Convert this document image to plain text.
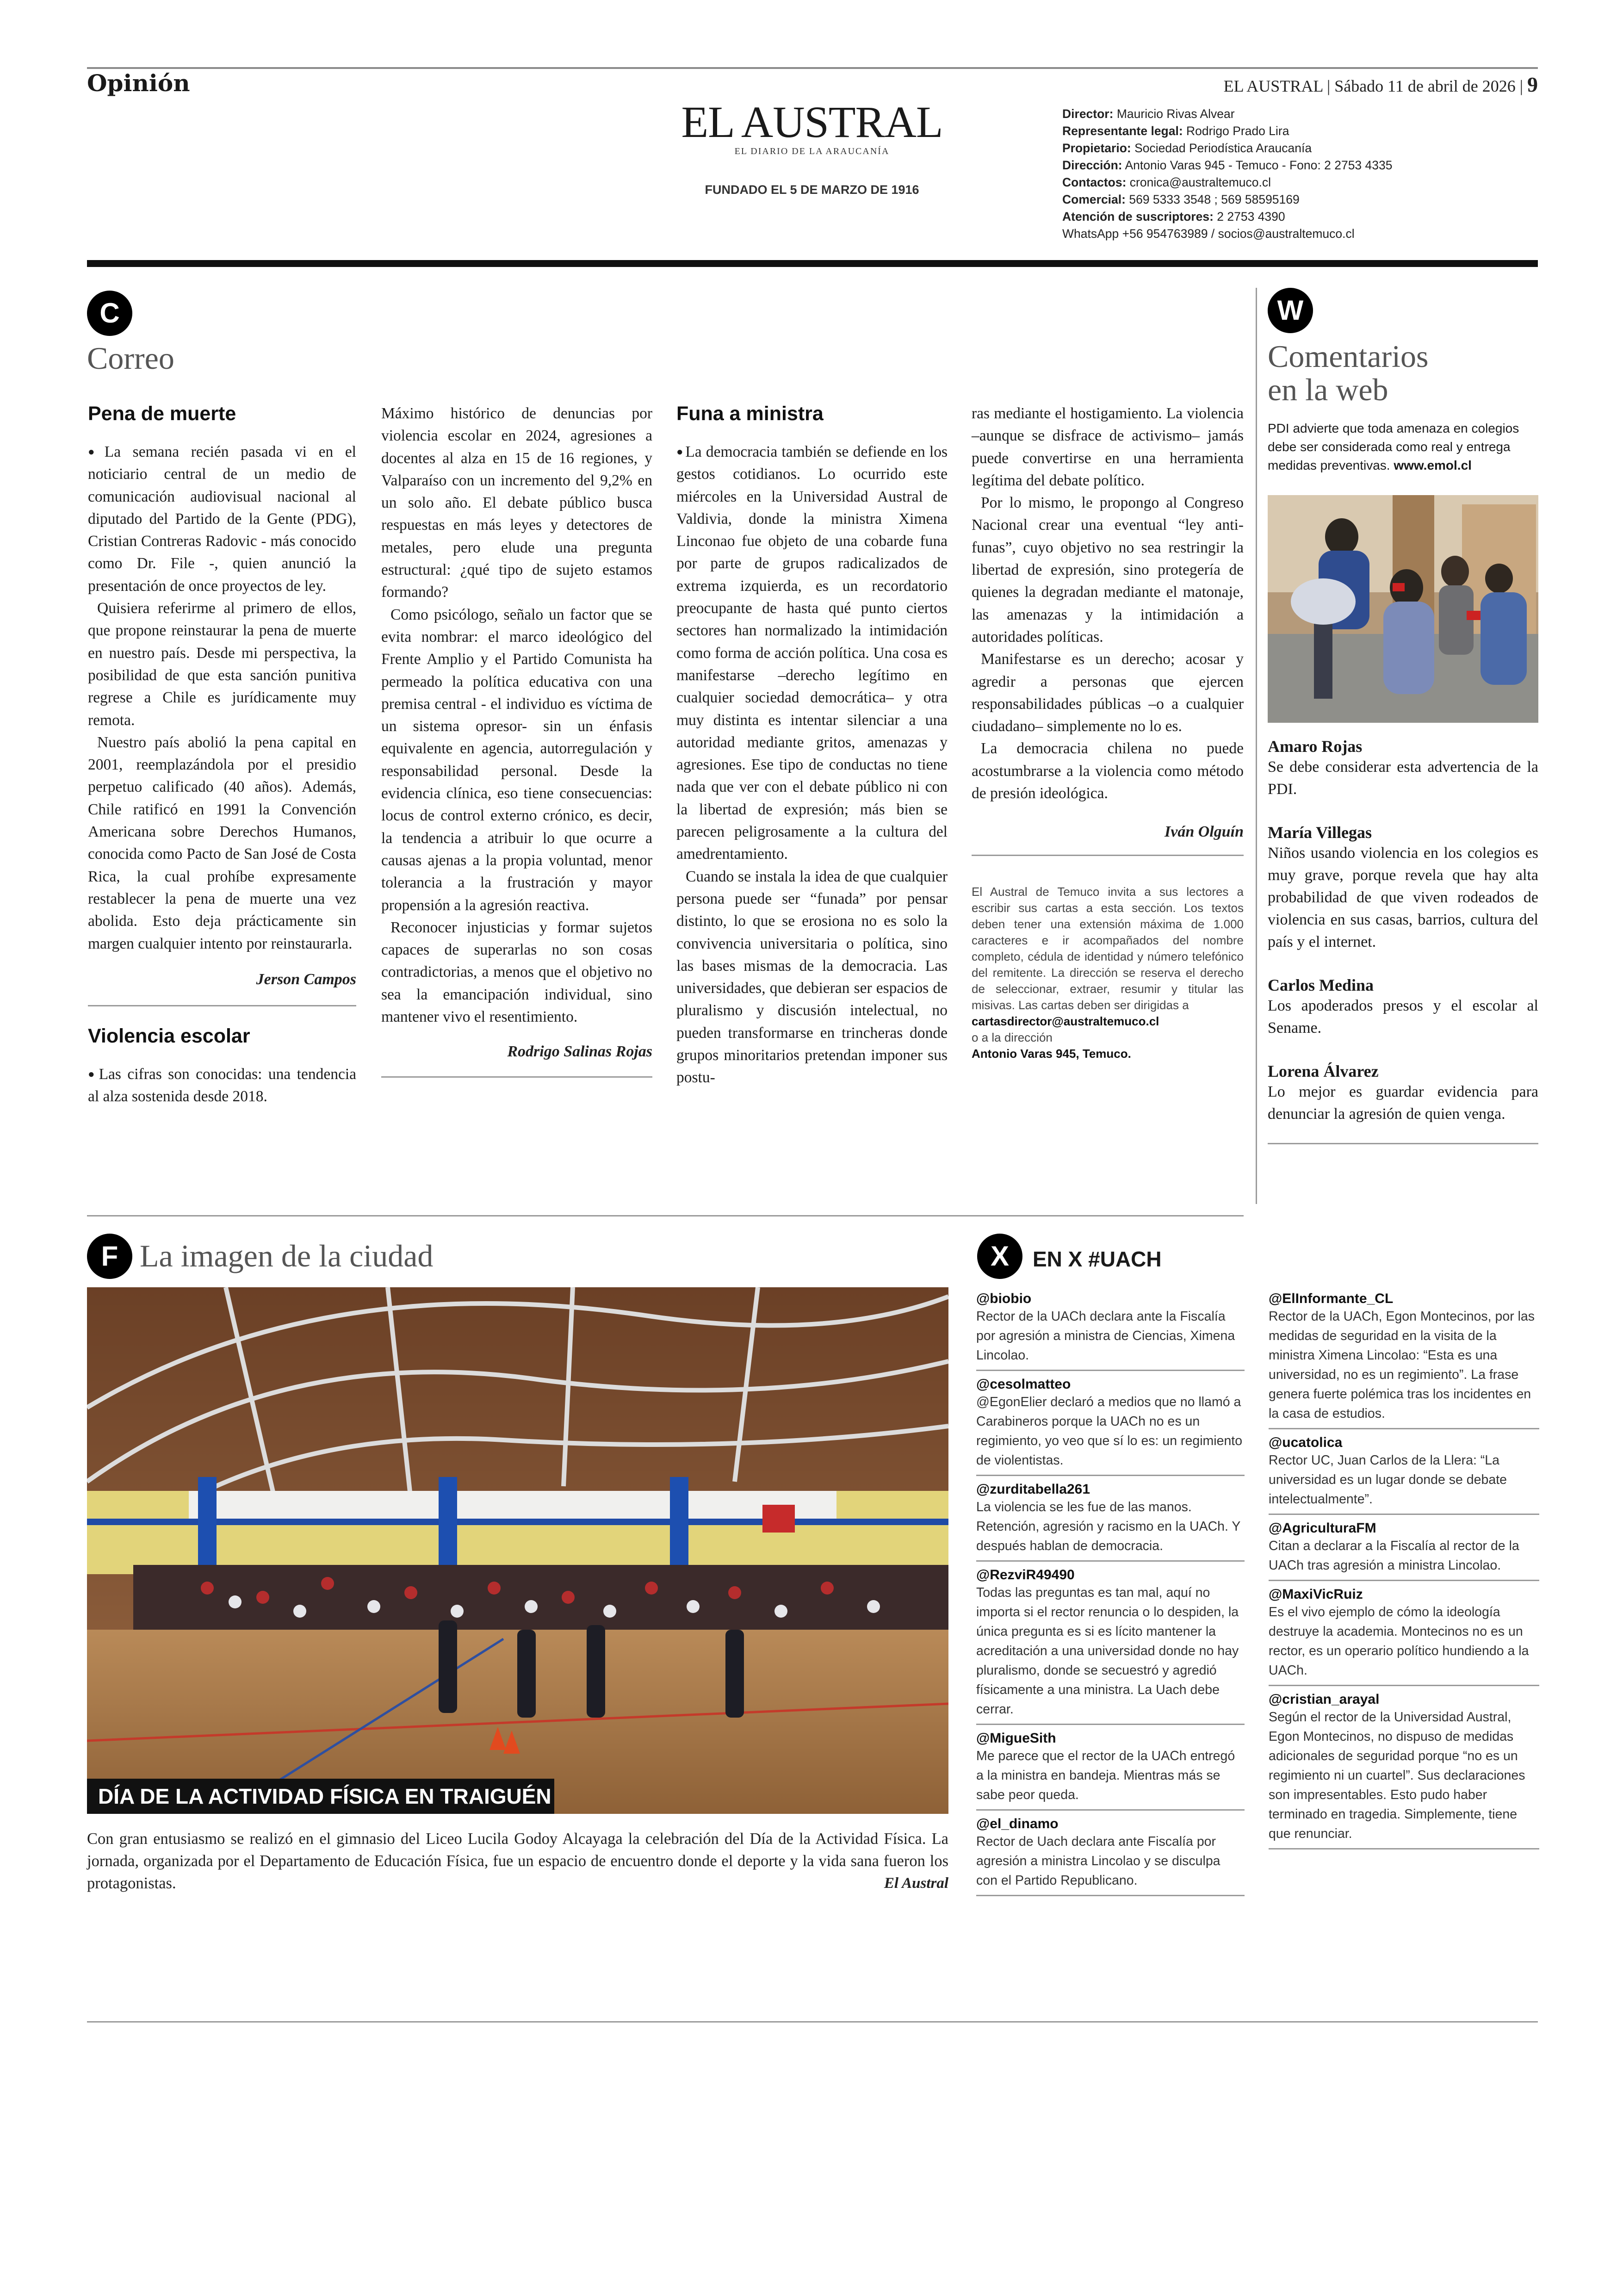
Opinión	EL AUSTRAL | Sábado 11 de abril de 2026 | 9
EL AUSTRAL
EL DIARIO DE LA ARAUCANÍA
FUNDADO EL 5 DE MARZO DE 1916
Director: Mauricio Rivas Alvear
Representante legal: Rodrigo Prado Lira
Propietario: Sociedad Periodística Araucanía
Dirección: Antonio Varas 945 - Temuco - Fono: 2 2753 4335
Contactos: cronica@australtemuco.cl
Comercial: 569 5333 3548 ; 569 58595169
Atención de suscriptores: 2 2753 4390
WhatsApp +56 954763989 / socios@australtemuco.cl
C
Correo
Pena de muerte

● La semana recién pasada vi en el noticiario central de un medio de comunicación audiovisual nacional al diputado del Partido de la Gente (PDG), Cristian Contreras Radovic - más conocido como Dr. File -, quien anunció la presentación de once proyectos de ley.

Quisiera referirme al primero de ellos, que propone reinstaurar la pena de muerte en nuestro país. Desde mi perspectiva, la posibilidad de que esta sanción punitiva regrese a Chile es jurídicamente muy remota.

Nuestro país abolió la pena capital en 2001, reemplazándola por el presidio perpetuo calificado (40 años). Además, Chile ratificó en 1991 la Convención Americana sobre Derechos Humanos, conocida como Pacto de San José de Costa Rica, la cual prohíbe expresamente restablecer la pena de muerte una vez abolida. Esto deja prácticamente sin margen cualquier intento por reinstaurarla.

Jerson Campos
Violencia escolar

● Las cifras son conocidas: una tendencia al alza sostenida desde 2018.

Máximo histórico de denuncias por violencia escolar en 2024, agresiones a docentes al alza en 15 de 16 regiones, y Valparaíso con un incremento del 9,2% en un solo año. El debate público busca respuestas en más leyes y detectores de metales, pero elude una pregunta estructural: ¿qué tipo de sujeto estamos formando?

Como psicólogo, señalo un factor que se evita nombrar: el marco ideológico del Frente Amplio y el Partido Comunista ha permeado la política educativa con una premisa central - el individuo es víctima de un sistema opresor- sin un énfasis equivalente en agencia, autorregulación y responsabilidad personal. Desde la evidencia clínica, eso tiene consecuencias: locus de control externo crónico, es decir, la tendencia a atribuir lo que ocurre a causas ajenas a la propia voluntad, menor tolerancia a la frustración y mayor propensión a la agresión reactiva.

Reconocer injusticias y formar sujetos capaces de superarlas no son cosas contradictorias, a menos que el objetivo no sea la emancipación individual, sino mantener vivo el resentimiento.

Rodrigo Salinas Rojas
Funa a ministra

● La democracia también se defiende en los gestos cotidianos. Lo ocurrido este miércoles en la Universidad Austral de Valdivia, donde la ministra Ximena Linconao fue objeto de una cobarde funa por parte de grupos radicalizados de extrema izquierda, es un recordatorio preocupante de hasta qué punto ciertos sectores han normalizado la intimidación como forma de acción política. Una cosa es manifestarse –derecho legítimo en cualquier sociedad democrática– y otra muy distinta es intentar silenciar a una autoridad mediante gritos, amenazas y agresiones. Ese tipo de conductas no tiene nada que ver con el debate público ni con la libertad de expresión; más bien se parecen peligrosamente a la cultura del amedrentamiento.

Cuando se instala la idea de que cualquier persona puede ser “funada” por pensar distinto, lo que se erosiona no es solo la convivencia universitaria o política, sino las bases mismas de la democracia. Las universidades, que debieran ser espacios de pluralismo y discusión intelectual, no pueden transformarse en trincheras donde grupos minoritarios pretendan imponer sus postu-

ras mediante el hostigamiento. La violencia –aunque se disfrace de activismo– jamás puede convertirse en una herramienta legítima del debate político.

Por lo mismo, le propongo al Congreso Nacional crear una eventual “ley anti-funas”, cuyo objetivo no sea restringir la libertad de expresión, sino protegería de quienes la degradan mediante el matonaje, las amenazas y la intimidación a autoridades políticas.

Manifestarse es un derecho; acosar y agredir a personas que ejercen responsabilidades públicas –o a cualquier ciudadano– simplemente no lo es.

La democracia chilena no puede acostumbrarse a la violencia como método de presión ideológica.

Iván Olguín
El Austral de Temuco invita a sus lectores a escribir sus cartas a esta sección. Los textos deben tener una extensión máxima de 1.000 caracteres e ir acompañados del nombre completo, cédula de identidad y número telefónico del remitente. La dirección se reserva el derecho de seleccionar, extraer, resumir y titular las misivas. Las cartas deben ser dirigidas a
cartasdirector@australtemuco.cl
o a la dirección
Antonio Varas 945, Temuco.
W
Comentarios
en la web
PDI advierte que toda amenaza en colegios debe ser considerada como real y entrega medidas preventivas. www.emol.cl
Amaro Rojas
Se debe considerar esta advertencia de la PDI.
María Villegas
Niños usando violencia en los colegios es muy grave, porque revela que hay alta probabilidad de que viven rodeados de violencia en sus casas, barrios, cultura del país y el internet.
Carlos Medina
Los apoderados presos y el escolar al Sename.
Lorena Álvarez
Lo mejor es guardar evidencia para denunciar la agresión de quien venga.
F La imagen de la ciudad
DÍA DE LA ACTIVIDAD FÍSICA EN TRAIGUÉN
Con gran entusiasmo se realizó en el gimnasio del Liceo Lucila Godoy Alcayaga la celebración del Día de la Actividad Física. La jornada, organizada por el Departamento de Educación Física, fue un espacio de encuentro donde el deporte y la vida sana fueron los protagonistas.	El Austral
X	EN X #UACH
@biobio
Rector de la UACh declara ante la Fiscalía por agresión a ministra de Ciencias, Ximena Lincolao.
@cesolmatteo
@EgonElier declaró a medios que no llamó a Carabineros porque la UACh no es un regimiento, yo veo que sí lo es: un regimiento de violentistas.
@zurditabella261
La violencia se les fue de las manos. Retención, agresión y racismo en la UACh. Y después hablan de democracia.
@RezviR49490
Todas las preguntas es tan mal, aquí no importa si el rector renuncia o lo despiden, la única pregunta es si es lícito mantener la acreditación a una universidad donde no hay pluralismo, donde se secuestró y agredió físicamente a una ministra. La Uach debe cerrar.
@MigueSith
Me parece que el rector de la UACh entregó a la ministra en bandeja. Mientras más se sabe peor queda.
@el_dinamo
Rector de Uach declara ante Fiscalía por agresión a ministra Lincolao y se disculpa con el Partido Republicano.
@ElInformante_CL
Rector de la UACh, Egon Montecinos, por las medidas de seguridad en la visita de la ministra Ximena Lincolao: “Esta es una universidad, no es un regimiento”. La frase genera fuerte polémica tras los incidentes en la casa de estudios.
@ucatolica
Rector UC, Juan Carlos de la Llera: “La universidad es un lugar donde se debate intelectualmente”.
@AgriculturaFM
Citan a declarar a la Fiscalía al rector de la UACh tras agresión a ministra Lincolao.
@MaxiVicRuiz
Es el vivo ejemplo de cómo la ideología destruye la academia. Montecinos no es un rector, es un operario político hundiendo a la UACh.
@cristian_arayal
Según el rector de la Universidad Austral, Egon Montecinos, no dispuso de medidas adicionales de seguridad porque “no es un regimiento ni un cuartel”. Sus declaraciones son impresentables. Esto pudo haber terminado en tragedia. Simplemente, tiene que renunciar.
